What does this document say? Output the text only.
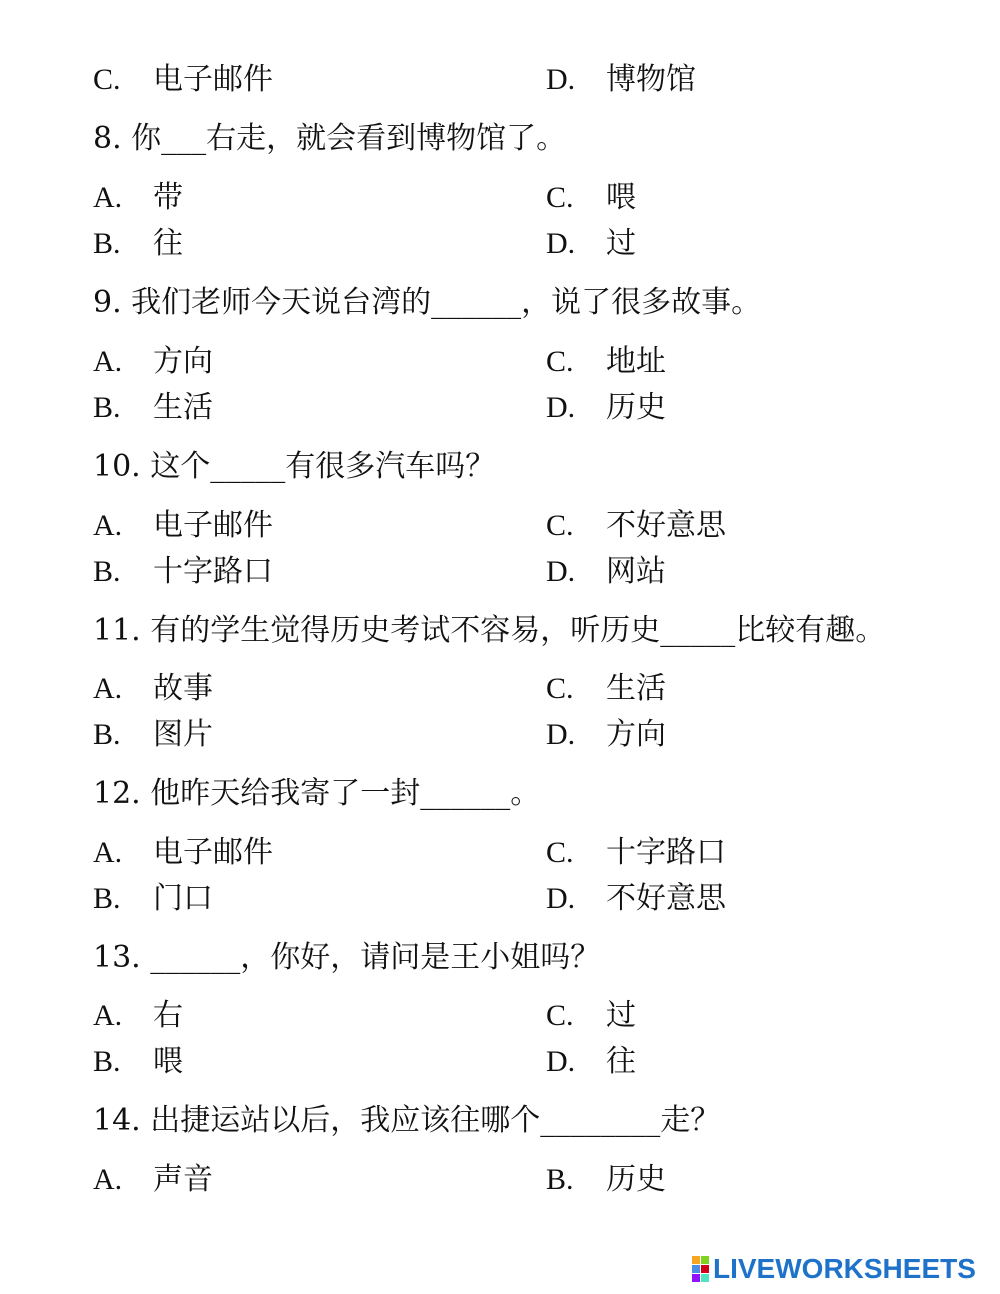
C. 电子邮件	D. 博物馆
8. 你___右走，就会看到博物馆了。
A. 带	C. 喂
B. 往	D. 过
9. 我们老师今天说台湾的______，说了很多故事。
A. 方向	C. 地址
B. 生活	D. 历史
10. 这个_____有很多汽车吗？
A. 电子邮件	C. 不好意思
B. 十字路口	D. 网站
11. 有的学生觉得历史考试不容易，听历史_____比较有趣。
A. 故事	C. 生活
B. 图片	D. 方向
12. 他昨天给我寄了一封______。
A. 电子邮件	C. 十字路口
B. 门口	D. 不好意思
13. ______，你好，请问是王小姐吗？
A. 右	C. 过
B. 喂	D. 往
14. 出捷运站以后，我应该往哪个________走？
A. 声音	B. 历史
LIVEWORKSHEETS
